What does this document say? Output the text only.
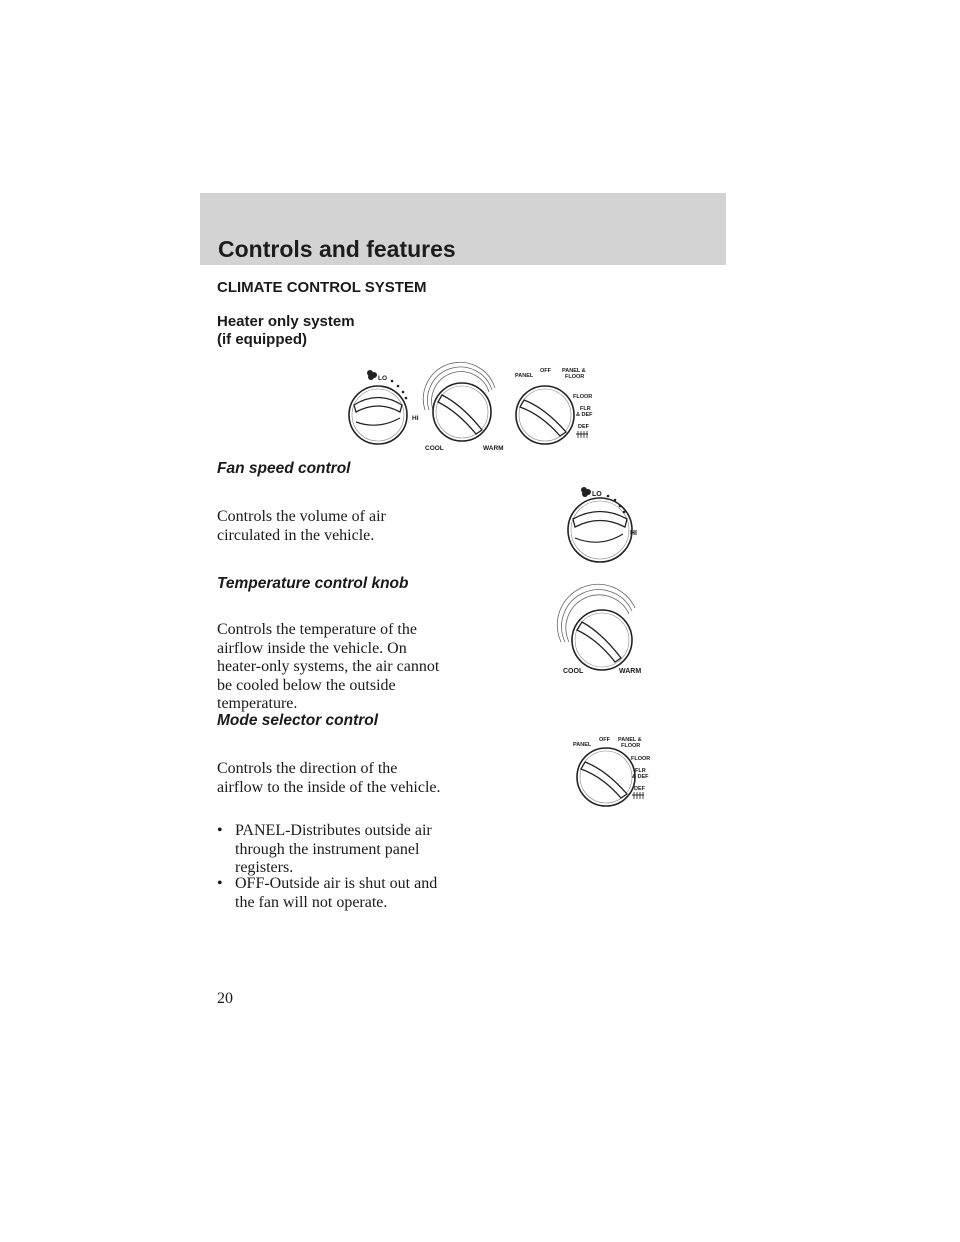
Controls and features
CLIMATE CONTROL SYSTEM
Heater only system
(if equipped)
LO
HI
COOL	WARM
PANEL
OFF PANEL &
FLOOR
FLOOR
FLR
& DEF
DEF
Fan speed control
Controls the volume of air
circulated in the vehicle.
LO
HI
Temperature control knob
Controls the temperature of the
airflow inside the vehicle. On
heater-only systems, the air cannot
be cooled below the outside
temperature.
COOL	WARM
Mode selector control
Controls the direction of the
airflow to the inside of the vehicle.
PANEL
OFF PANEL &
FLOOR
FLOOR
FLR
& DEF
DEF
• PANEL-Distributes outside air
through the instrument panel
registers.
• OFF-Outside air is shut out and
the fan will not operate.
20
